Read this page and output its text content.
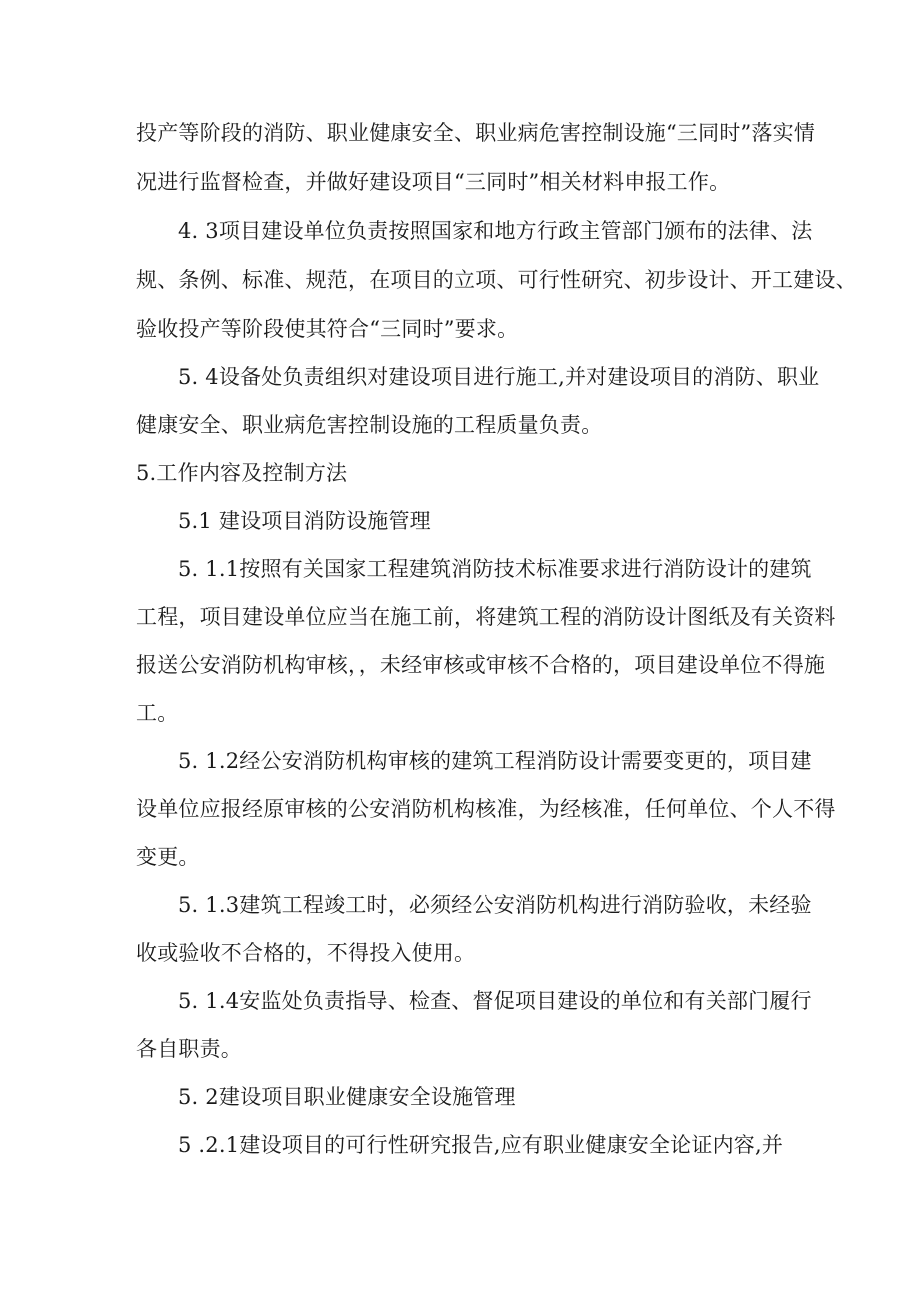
投产等阶段的消防、职业健康安全、职业病危害控制设施“三同时”落实情
况进行监督检查，并做好建设项目“三同时”相关材料申报工作。
4. 3项目建设单位负责按照国家和地方行政主管部门颁布的法律、法
规、条例、标准、规范，在项目的立项、可行性研究、初步设计、开工建设、
验收投产等阶段使其符合“三同时”要求。
5. 4设备处负责组织对建设项目进行施工,并对建设项目的消防、职业
健康安全、职业病危害控制设施的工程质量负责。
5.工作内容及控制方法
5.1 建设项目消防设施管理
5. 1.1按照有关国家工程建筑消防技术标准要求进行消防设计的建筑
工程，项目建设单位应当在施工前，将建筑工程的消防设计图纸及有关资料
报送公安消防机构审核，，未经审核或审核不合格的，项目建设单位不得施
工。
5. 1.2经公安消防机构审核的建筑工程消防设计需要变更的，项目建
设单位应报经原审核的公安消防机构核准，为经核准，任何单位、个人不得
变更。
5. 1.3建筑工程竣工时，必须经公安消防机构进行消防验收，未经验
收或验收不合格的，不得投入使用。
5. 1.4安监处负责指导、检查、督促项目建设的单位和有关部门履行
各自职责。
5. 2建设项目职业健康安全设施管理
5 .2.1建设项目的可行性研究报告,应有职业健康安全论证内容,并
